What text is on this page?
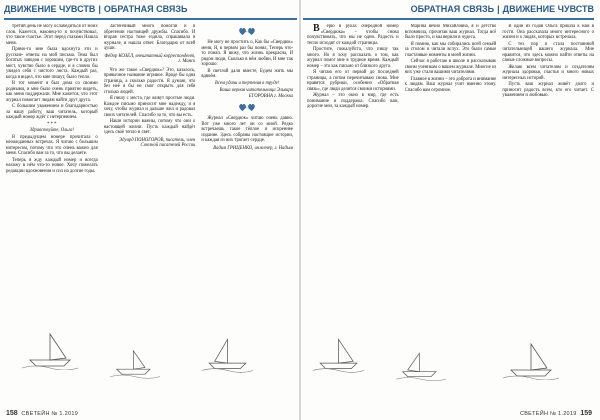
ДВИЖЕНИЕ ЧУВСТВ | ОБРАТНАЯ СВЯЗЬ

третий день не могу ослабедиться от моих слов. Кажется, наконец-то я почувствовал, что такое счастье. Этот перед глазами Нашла меня.

Прямо-то мне была вдохнута эти и русские- ответы на мой письма. Тема был богатых заводов с хорошим, где-то в других мест, чувство было в сердце, и я словно бы увидел себя с чистого листа. Каждый раз, когда я видел, что мне пишут, было тепло.

В тот момент я был дома со своими родными, и мне было очень приятно видеть, как меня поддержали. Мне кажется, что этот журнал помогает людям найти друг друга.

С большим уважением и благодарностью за вашу работу, ваш читатель, который каждый номер ждёт с нетерпением.

* * *

Здравствуйте, Ольга!

В предыдущем номере прочитала о неожиданных встречах. Я читаю с большим интересом, потому что это очень важно для меня. Спасибо вам за то, что вы делаете.

Теперь я жду каждый номер и всегда нахожу в нём что-то новое. Хочу пожелать редакции вдохновения и сил на долгие годы.

Застенчивый много помогли и в обретении настоящей дружбы. Спасибо. И вторая сестра тоже ездила, спрашивала в журнале, и нашла ответ. Благодарю от всей души.

Фёдор КОЗЕЛ, внештатный корреспондент, г. Минск

Что же такое «Свердюк»? Это, казалось, привычное название игривое. Вроде бы одна страница, а сколько радости. Я думаю, что без неё я бы не смог открыть для себя столько людей.

Я пишу с места, где живут простые люди. Каждое письмо приносит мне надежду, и я хочу, чтобы журнал и дальше жил и радовал своих читателей. Спасибо за то, что вы есть.

Наши истории важны, потому что они о настоящей жизни. Пусть каждый найдёт здесь своё тепло и свет.

Эдуард ПОНОГОРОВ, писатель, член Союзной писателей России

4+2

Не могу не простить о, Как бы «Свердюк» меня, Я, в первом раз бы понял, Теперь что-то понял. Я вижу, что жизнь прекрасна, И рядом люди, Сколько в нём любви, И мне так хорошо.

В светлой дали вместе, Будем жить мы вдвоём.

Всем удачи и терпения в труде!

Ваша верная читательница Эльвира ЕГОРОВНА г. Москва

4+2

Журнал «Свердюк» читаю очень давно. Вот уже много лет он со мной. Редко встречаешь такое тёплое и искреннее издание. Здесь собраны настоящие истории, и каждая из них трогает сердце.

Вадим ГРИЦЕНКО, инженер, г. Надым

158 СВЕТЕЙН № 1.2019
ОБРАТНАЯ СВЯЗЬ | ДВИЖЕНИЕ ЧУВСТВ

Верю в руках очередной номер «Свердюка» – чтобы снова почувствовать, что мы не одни. Радость и тепло исходят от каждой страницы.

Простите, пожалуйста, что пишу так много. Но я хочу рассказать о том, как журнал помог мне в трудное время. Каждый номер – это как письмо от близкого друга.

Я читаю его от первой до последней страницы, а потом перечитываю снова. Мне нравятся рубрики, особенно «Обратная связь», где люди делятся своими историями.

Журнал – это окно в мир, где есть понимание и поддержка. Спасибо вам, дорогие мои, за каждый номер.

Марина вечно Михайловна, я и детство вспомнила, прочитав ваш журнал. Тогда всё было просто, и мы верили в чудеса.

Я помню, как мы собирались всей семьёй за столом и читали вслух. Это были самые счастливые моменты в моей жизни.

Сейчас я работаю в школе и рассказываю своим ученикам о вашем журнале. Многие из них уже стали вашими читателями.

Главное в жизни – это доброта и внимание к людям. Ваш журнал учит именно этому. Спасибо вам огромное.

В один из годов Ольга пришла к нам в гости. Она рассказала много интересного о жизни и о людях, которых встречала.

С тех пор я стала постоянной читательницей вашего журнала. Мне нравится, что здесь можно найти ответы на самые сложные вопросы.

Желаю всем читателям и создателям журнала здоровья, счастья и много новых интересных историй.

Пусть ваш журнал живёт долго и приносит радость всем, кто его читает. С уважением и любовью.

СВЕТЕЙН № 1.2019 159
